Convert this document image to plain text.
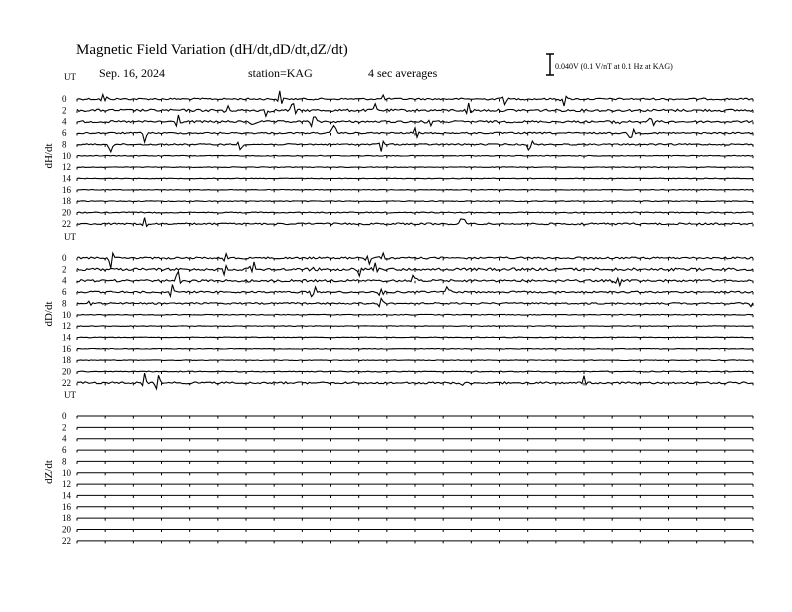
Magnetic Field Variation (dH/dt,dD/dt,dZ/dt)
Sep. 16, 2024	station=KAG	4 sec averages	0.040V (0.1 V/nT at 0.1 Hz at KAG)
UT
dH/dt
0
2
4
6
8
10
12
14
16
18
20
22
UT
dD/dt
0
2
4
6
8
10
12
14
16
18
20
22
UT
dZ/dt
0
2
4
6
8
10
12
14
16
18
20
22
